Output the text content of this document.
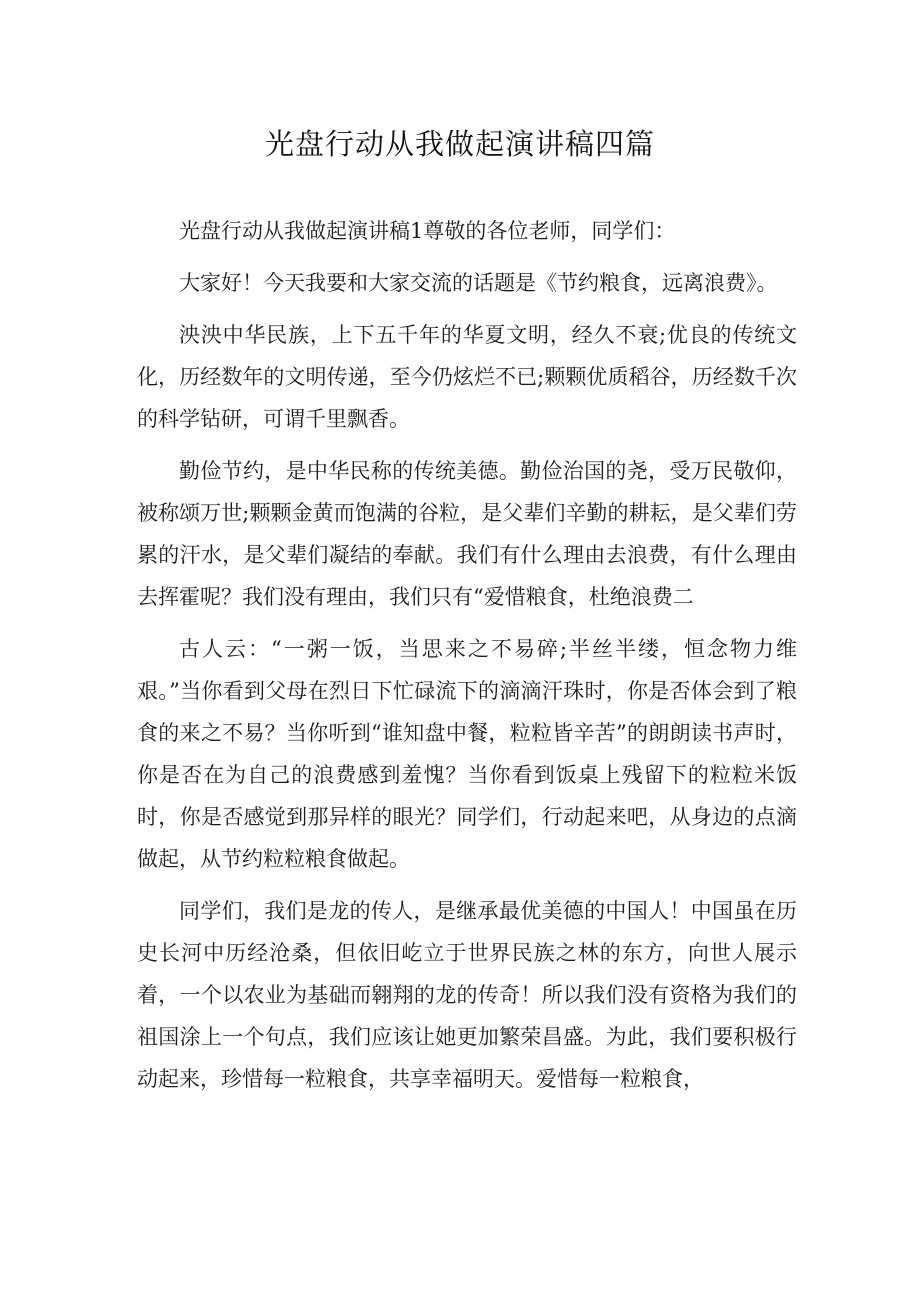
光盘行动从我做起演讲稿四篇

光盘行动从我做起演讲稿1尊敬的各位老师，同学们：

大家好！今天我要和大家交流的话题是《节约粮食，远离浪费》。

泱泱中华民族，上下五千年的华夏文明，经久不衰;优良的传统文化，历经数年的文明传递，至今仍炫烂不已;颗颗优质稻谷，历经数千次的科学钻研，可谓千里飘香。

勤俭节约，是中华民称的传统美德。勤俭治国的尧，受万民敬仰，被称颂万世;颗颗金黄而饱满的谷粒，是父辈们辛勤的耕耘，是父辈们劳累的汗水，是父辈们凝结的奉献。我们有什么理由去浪费，有什么理由去挥霍呢？我们没有理由，我们只有“爱惜粮食，杜绝浪费二

古人云：“一粥一饭，当思来之不易碎;半丝半缕，恒念物力维艰。”当你看到父母在烈日下忙碌流下的滴滴汗珠时，你是否体会到了粮食的来之不易？当你听到“谁知盘中餐，粒粒皆辛苦”的朗朗读书声时，你是否在为自己的浪费感到羞愧？当你看到饭桌上残留下的粒粒米饭时，你是否感觉到那异样的眼光？同学们，行动起来吧，从身边的点滴做起，从节约粒粒粮食做起。

同学们，我们是龙的传人，是继承最优美德的中国人！中国虽在历史长河中历经沧桑，但依旧屹立于世界民族之林的东方，向世人展示着，一个以农业为基础而翱翔的龙的传奇！所以我们没有资格为我们的祖国涂上一个句点，我们应该让她更加繁荣昌盛。为此，我们要积极行动起来，珍惜每一粒粮食，共享幸福明天。爱惜每一粒粮食，
